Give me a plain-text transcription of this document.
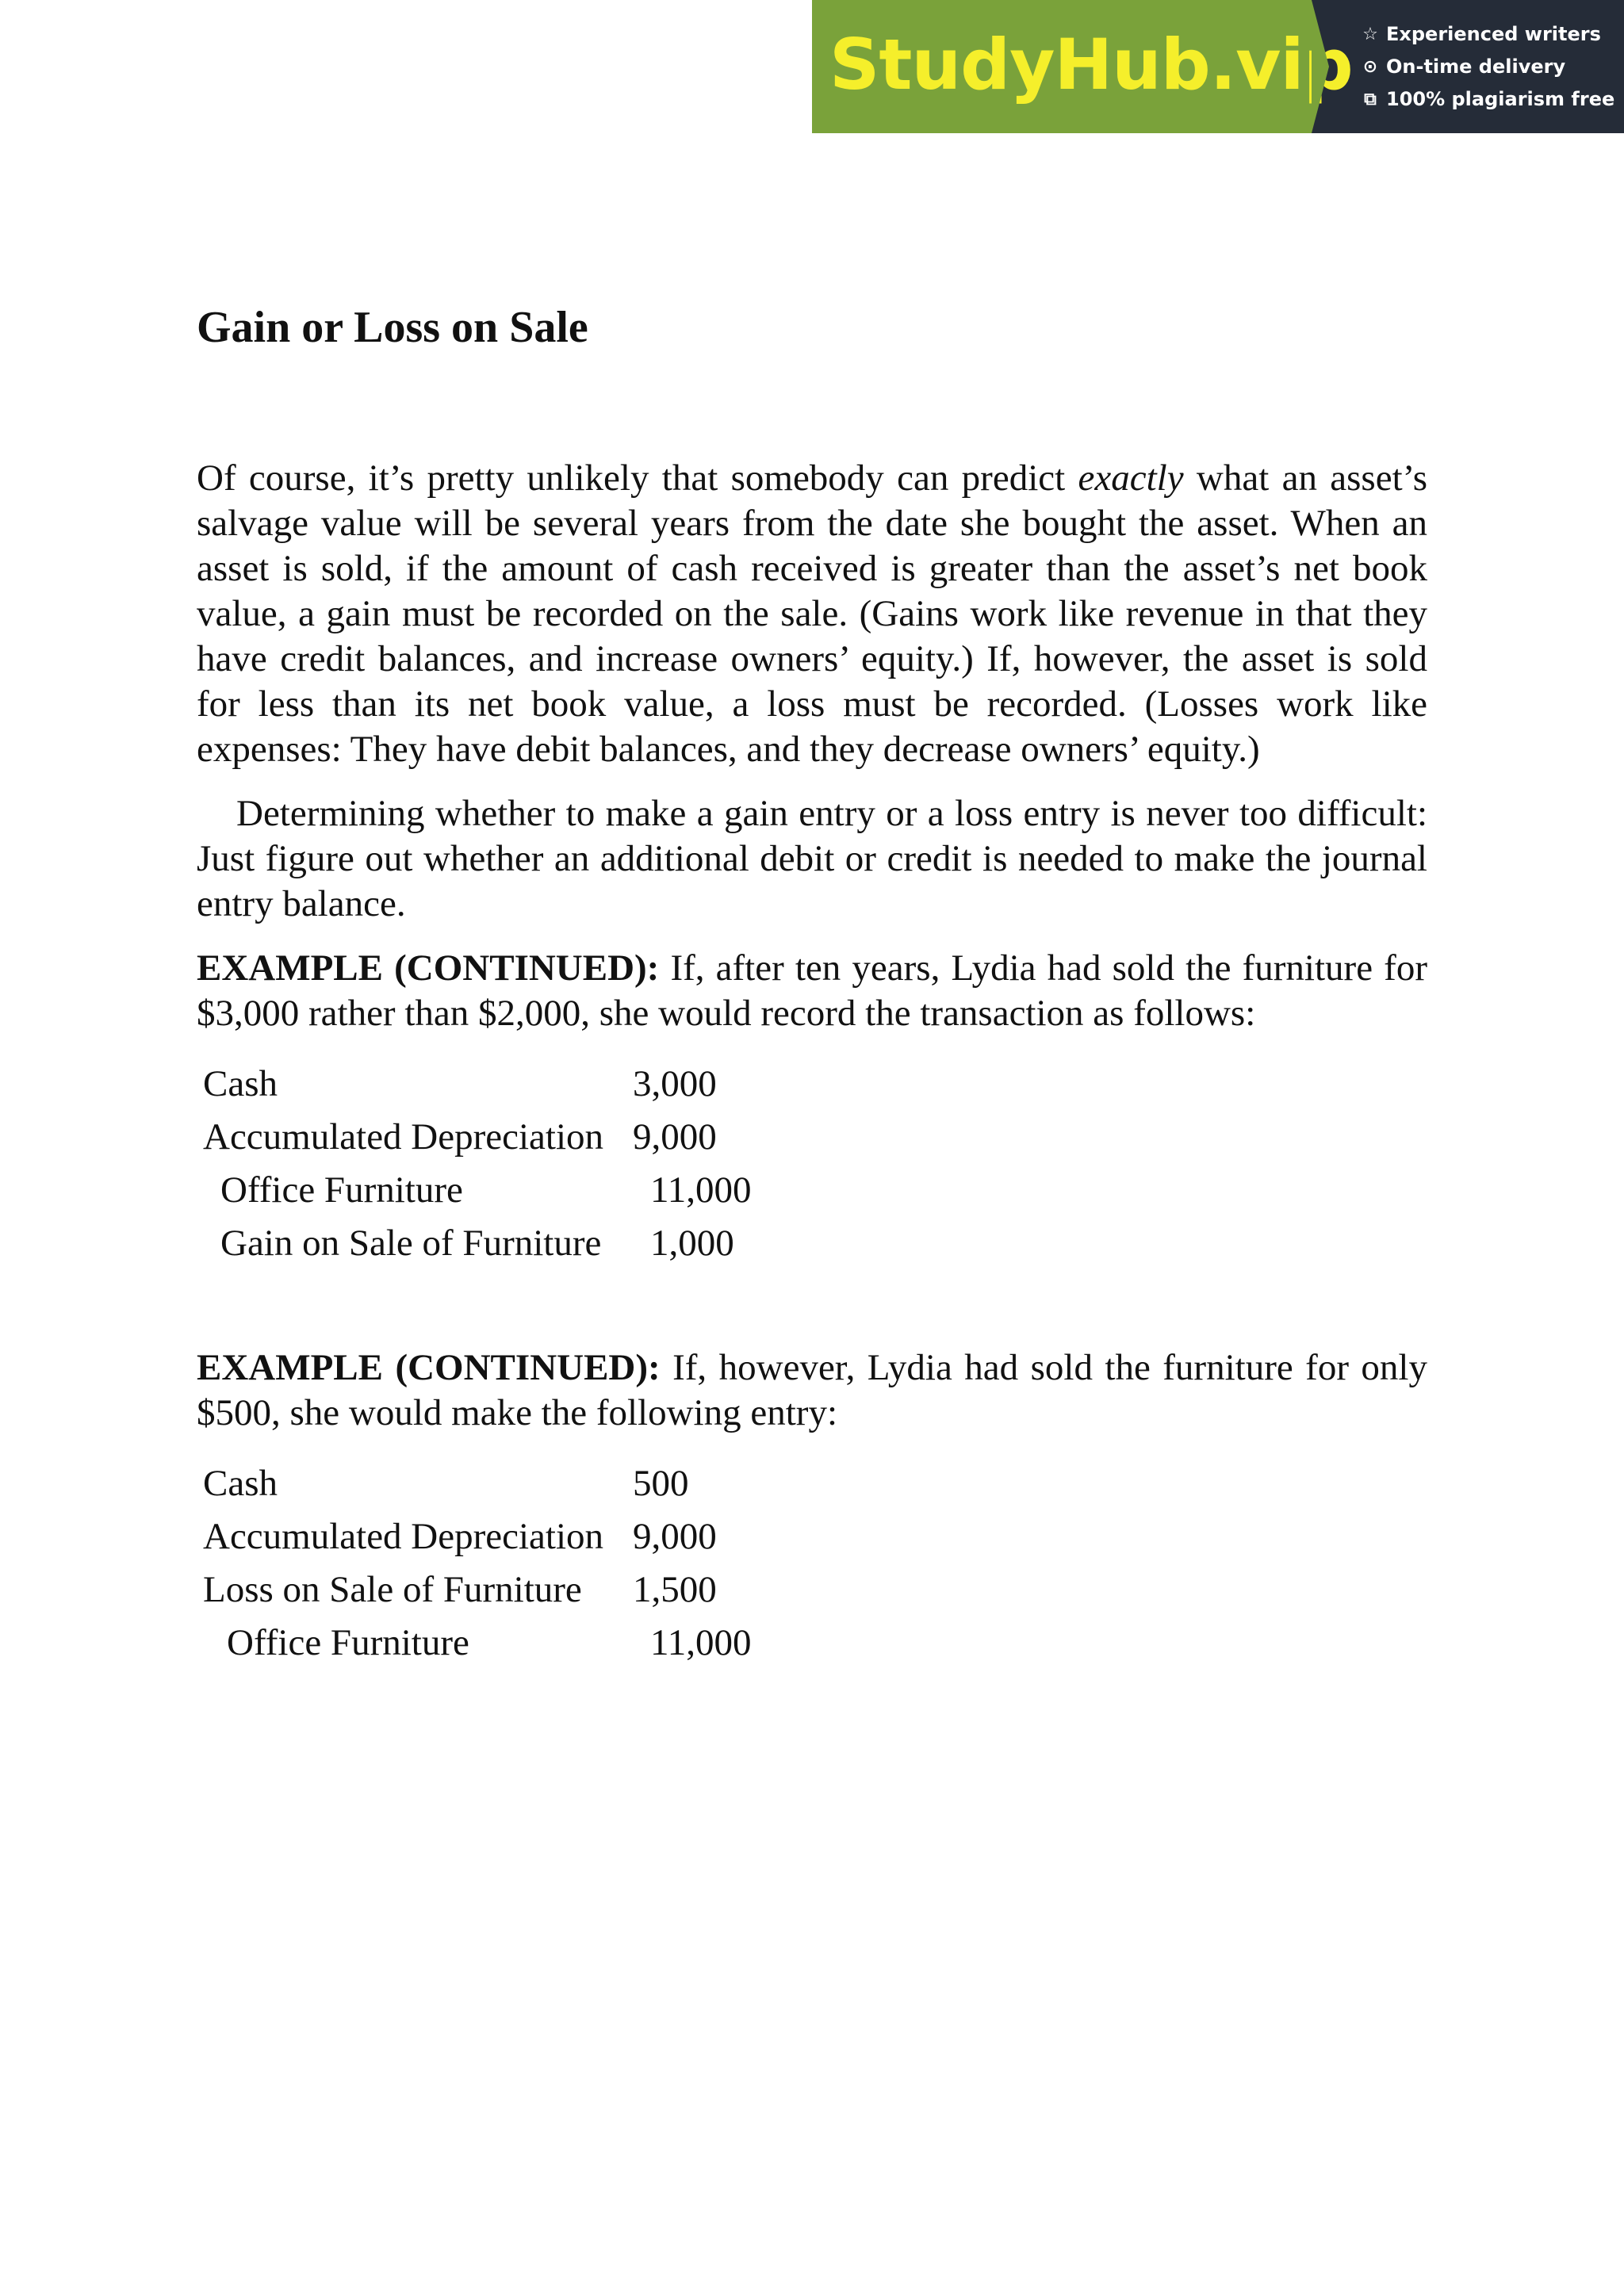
StudyHub.vip ☆ Experienced writers
⊙ On-time delivery
⧉ 100% plagiarism free
Gain or Loss on Sale

Of course, it’s pretty unlikely that somebody can predict exactly what an asset’s salvage value will be several years from the date she bought the asset. When an asset is sold, if the amount of cash received is greater than the asset’s net book value, a gain must be recorded on the sale. (Gains work like revenue in that they have credit balances, and increase owners’ equity.) If, however, the asset is sold for less than its net book value, a loss must be recorded. (Losses work like expenses: They have debit balances, and they decrease owners’ equity.)

Determining whether to make a gain entry or a loss entry is never too difficult: Just figure out whether an additional debit or credit is needed to make the journal entry balance.

EXAMPLE (CONTINUED): If, after ten years, Lydia had sold the furniture for $3,000 rather than $2,000, she would record the transaction as follows:

Cash	3,000
Accumulated Depreciation 9,000
Office Furniture	11,000
Gain on Sale of Furniture	1,000

EXAMPLE (CONTINUED): If, however, Lydia had sold the furniture for only $500, she would make the following entry:

Cash	500
Accumulated Depreciation 9,000
Loss on Sale of Furniture	1,500
Office Furniture	11,000
